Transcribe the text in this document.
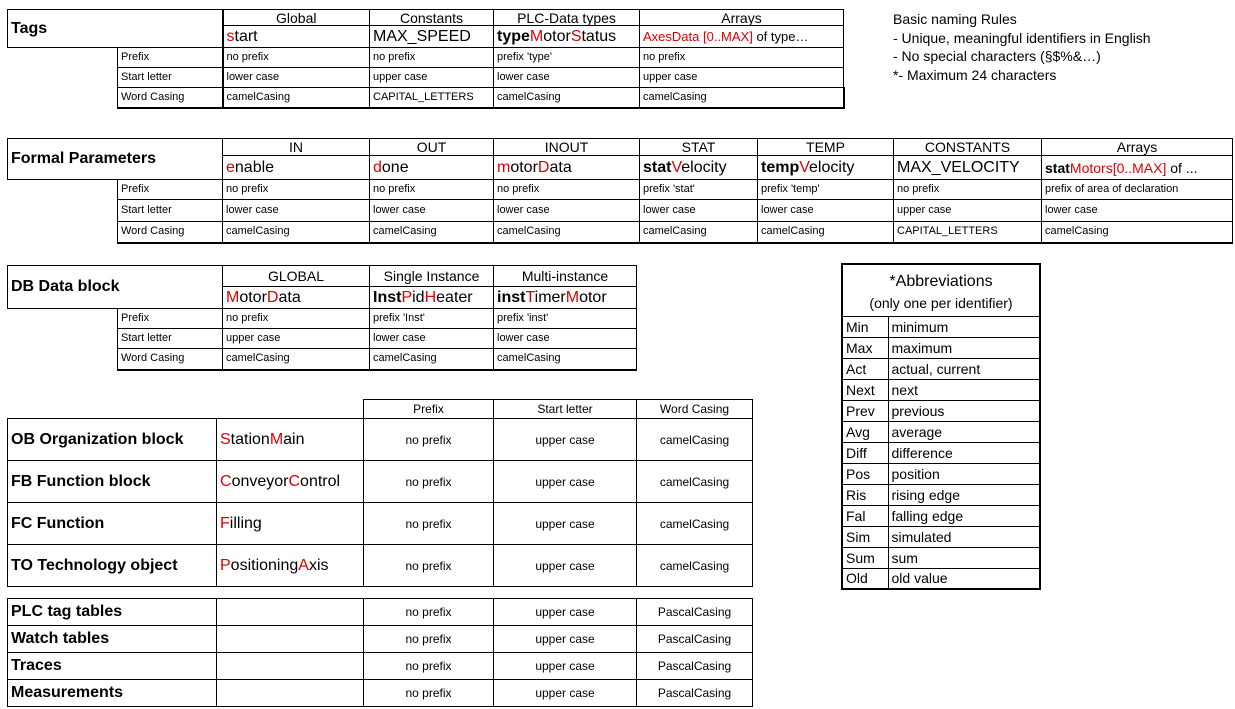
Tags		Global	Constants	PLC-Data types	Arrays
		start	MAX_SPEED	typeMotorStatus	AxesData [0..MAX] of type…
	Prefix	no prefix	no prefix	prefix 'type'	no prefix
	Start letter	lower case	upper case	lower case	upper case
	Word Casing	camelCasing	CAPITAL_LETTERS	camelCasing	camelCasing
Basic naming Rules
- Unique, meaningful identifiers in English
- No special characters (§$%&…)
*- Maximum 24 characters
Formal Parameters		IN	OUT	INOUT	STAT	TEMP	CONSTANTS	Arrays
		enable	done	motorData	statVelocity	tempVelocity	MAX_VELOCITY	statMotors[0..MAX] of ...
	Prefix	no prefix	no prefix	no prefix	prefix 'stat'	prefix 'temp'	no prefix	prefix of area of declaration
	Start letter	lower case	lower case	lower case	lower case	lower case	upper case	lower case
	Word Casing	camelCasing	camelCasing	camelCasing	camelCasing	camelCasing	CAPITAL_LETTERS	camelCasing
DB Data block		GLOBAL	Single Instance	Multi-instance
		MotorData	InstPidHeater	instTimerMotor
	Prefix	no prefix	prefix 'Inst'	prefix 'inst'
	Start letter	upper case	lower case	lower case
	Word Casing	camelCasing	camelCasing	camelCasing
*Abbreviations	
(only one per identifier)	
Min	minimum
Max	maximum
Act	actual, current
Next	next
Prev	previous
Avg	average
Diff	difference
Pos	position
Ris	rising edge
Fal	falling edge
Sim	simulated
Sum	sum
Old	old value
		Prefix	Start letter	Word Casing
OB Organization block	StationMain	no prefix	upper case	camelCasing
FB Function block	ConveyorControl	no prefix	upper case	camelCasing
FC Function	Filling	no prefix	upper case	camelCasing
TO Technology object	PositioningAxis	no prefix	upper case	camelCasing
PLC tag tables		no prefix	upper case	PascalCasing
Watch tables		no prefix	upper case	PascalCasing
Traces		no prefix	upper case	PascalCasing
Measurements		no prefix	upper case	PascalCasing
